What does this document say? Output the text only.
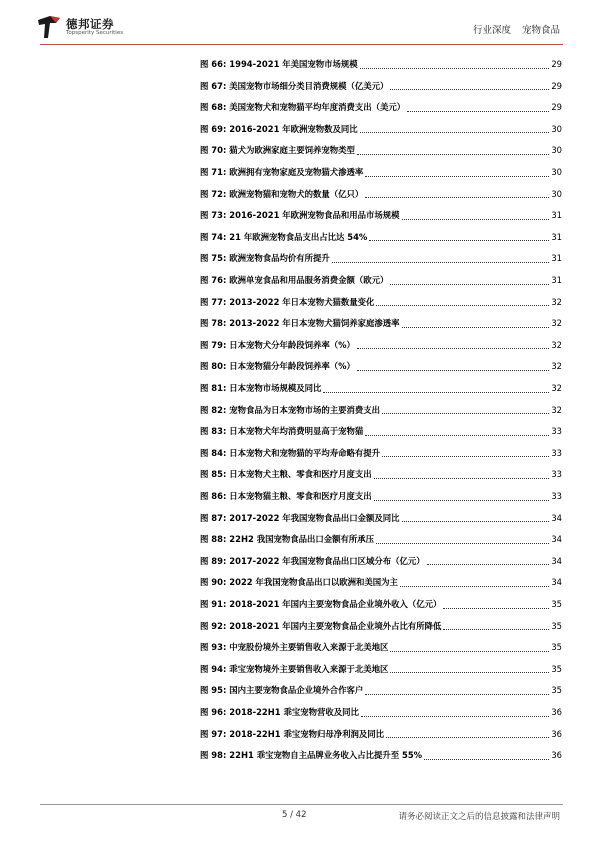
德邦证券
Topsperity Securities	行业深度 宠物食品
图 66: 1994-2021 年美国宠物市场规模	29
图 67: 美国宠物市场细分类目消费规模（亿美元）	29
图 68: 美国宠物犬和宠物猫平均年度消费支出（美元）	29
图 69: 2016-2021 年欧洲宠物数及同比	30
图 70: 猫犬为欧洲家庭主要饲养宠物类型	30
图 71: 欧洲拥有宠物家庭及宠物猫犬渗透率	30
图 72: 欧洲宠物猫和宠物犬的数量（亿只）	30
图 73: 2016-2021 年欧洲宠物食品和用品市场规模	31
图 74: 21 年欧洲宠物食品支出占比达 54%	31
图 75: 欧洲宠物食品均价有所提升	31
图 76: 欧洲单宠食品和用品服务消费金额（欧元）	31
图 77: 2013-2022 年日本宠物犬猫数量变化	32
图 78: 2013-2022 年日本宠物犬猫饲养家庭渗透率	32
图 79: 日本宠物犬分年龄段饲养率（%）	32
图 80: 日本宠物猫分年龄段饲养率（%）	32
图 81: 日本宠物市场规模及同比	32
图 82: 宠物食品为日本宠物市场的主要消费支出	32
图 83: 日本宠物犬年均消费明显高于宠物猫	33
图 84: 日本宠物犬和宠物猫的平均寿命略有提升	33
图 85: 日本宠物犬主粮、零食和医疗月度支出	33
图 86: 日本宠物猫主粮、零食和医疗月度支出	33
图 87: 2017-2022 年我国宠物食品出口金额及同比	34
图 88: 22H2 我国宠物食品出口金额有所承压	34
图 89: 2017-2022 年我国宠物食品出口区域分布（亿元）	34
图 90: 2022 年我国宠物食品出口以欧洲和美国为主	34
图 91: 2018-2021 年国内主要宠物食品企业境外收入（亿元）	35
图 92: 2018-2021 年国内主要宠物食品企业境外占比有所降低	35
图 93: 中宠股份境外主要销售收入来源于北美地区	35
图 94: 乖宝宠物境外主要销售收入来源于北美地区	35
图 95: 国内主要宠物食品企业境外合作客户	35
图 96: 2018-22H1 乖宝宠物营收及同比	36
图 97: 2018-22H1 乖宝宠物归母净利润及同比	36
图 98: 22H1 乖宝宠物自主品牌业务收入占比提升至 55%	36
5 / 42	请务必阅读正文之后的信息披露和法律声明
